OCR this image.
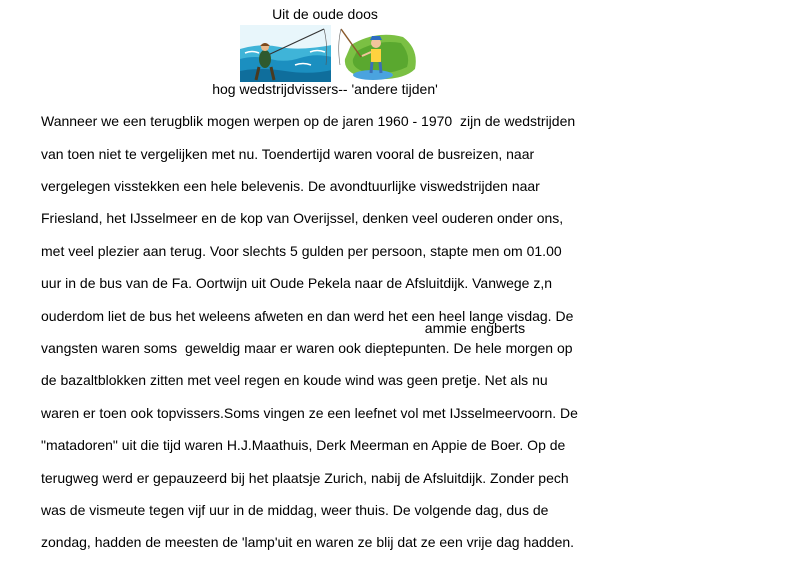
Uit de oude doos
hog wedstrijdvissers-- 'andere tijden'

Wanneer we een terugblik mogen werpen op de jaren 1960 - 1970  zijn de wedstrijden

van toen niet te vergelijken met nu. Toendertijd waren vooral de busreizen, naar

vergelegen visstekken een hele belevenis. De avondtuurlijke viswedstrijden naar

Friesland, het IJsselmeer en de kop van Overijssel, denken veel ouderen onder ons,

met veel plezier aan terug. Voor slechts 5 gulden per persoon, stapte men om 01.00

uur in de bus van de Fa. Oortwijn uit Oude Pekela naar de Afsluitdijk. Vanwege z,n

ouderdom liet de bus het weleens afweten en dan werd het een heel lange visdag. De

vangsten waren soms  geweldig maar er waren ook dieptepunten. De hele morgen op

de bazaltblokken zitten met veel regen en koude wind was geen pretje. Net als nu

waren er toen ook topvissers.Soms vingen ze een leefnet vol met IJsselmeervoorn. De

"matadoren" uit die tijd waren H.J.Maathuis, Derk Meerman en Appie de Boer. Op de

terugweg werd er gepauzeerd bij het plaatsje Zurich, nabij de Afsluitdijk. Zonder pech

was de vismeute tegen vijf uur in de middag, weer thuis. De volgende dag, dus de

zondag, hadden de meesten de 'lamp'uit en waren ze blij dat ze een vrije dag hadden.

ammie engberts
